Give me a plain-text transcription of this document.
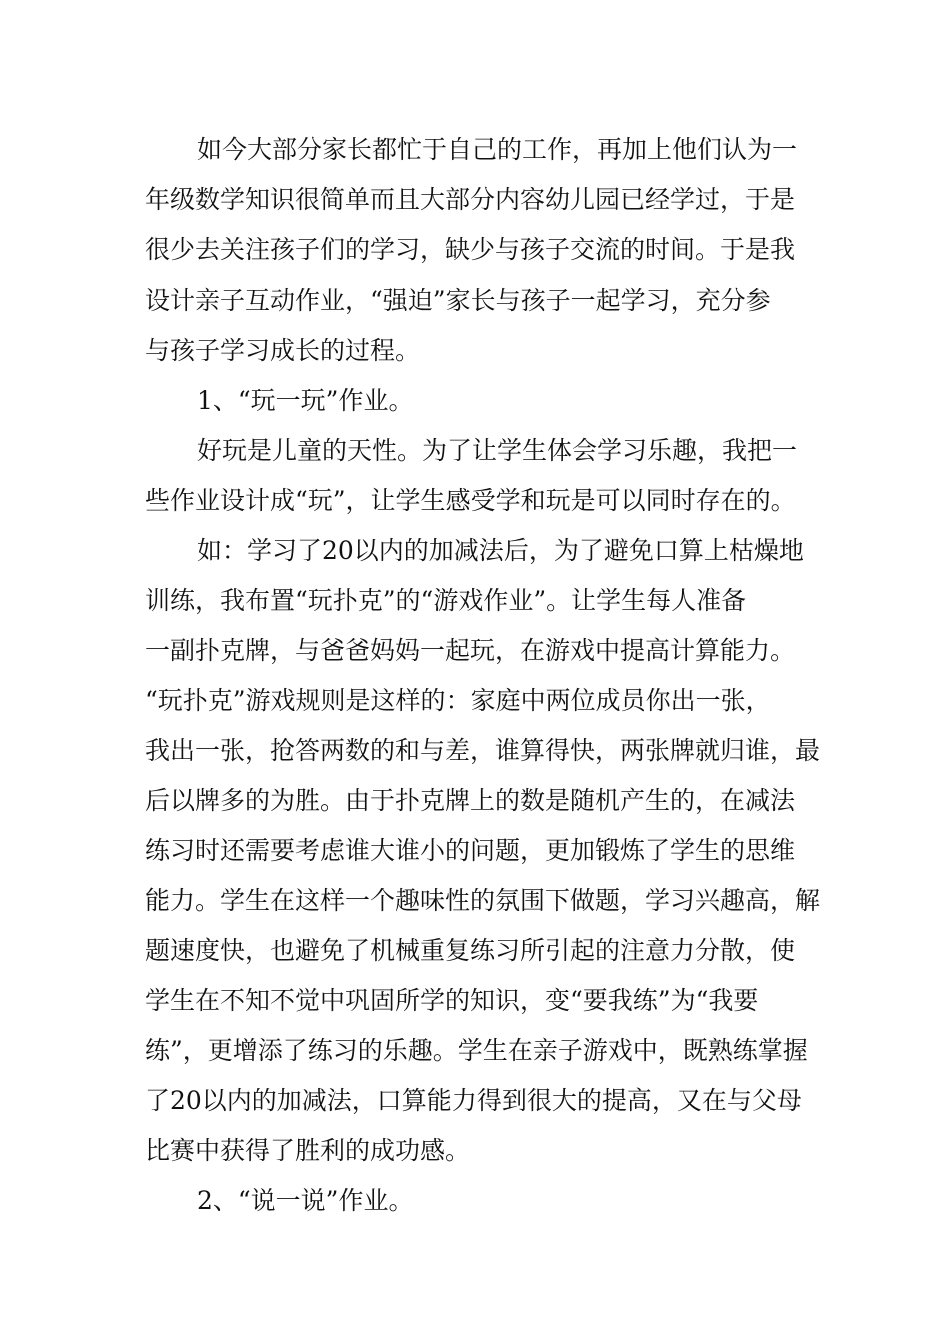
如今大部分家长都忙于自己的工作，再加上他们认为一
年级数学知识很简单而且大部分内容幼儿园已经学过，于是
很少去关注孩子们的学习，缺少与孩子交流的时间。于是我
设计亲子互动作业，“强迫”家长与孩子一起学习，充分参
与孩子学习成长的过程。
1、“玩一玩”作业。
好玩是儿童的天性。为了让学生体会学习乐趣，我把一
些作业设计成“玩”，让学生感受学和玩是可以同时存在的。
如：学习了20以内的加减法后，为了避免口算上枯燥地
训练，我布置“玩扑克”的“游戏作业”。让学生每人准备
一副扑克牌，与爸爸妈妈一起玩，在游戏中提高计算能力。
“玩扑克”游戏规则是这样的：家庭中两位成员你出一张，
我出一张，抢答两数的和与差，谁算得快，两张牌就归谁，最
后以牌多的为胜。由于扑克牌上的数是随机产生的，在减法
练习时还需要考虑谁大谁小的问题，更加锻炼了学生的思维
能力。学生在这样一个趣味性的氛围下做题，学习兴趣高，解
题速度快，也避免了机械重复练习所引起的注意力分散，使
学生在不知不觉中巩固所学的知识，变“要我练”为“我要
练”，更增添了练习的乐趣。学生在亲子游戏中，既熟练掌握
了20以内的加减法，口算能力得到很大的提高，又在与父母
比赛中获得了胜利的成功感。
2、“说一说”作业。
